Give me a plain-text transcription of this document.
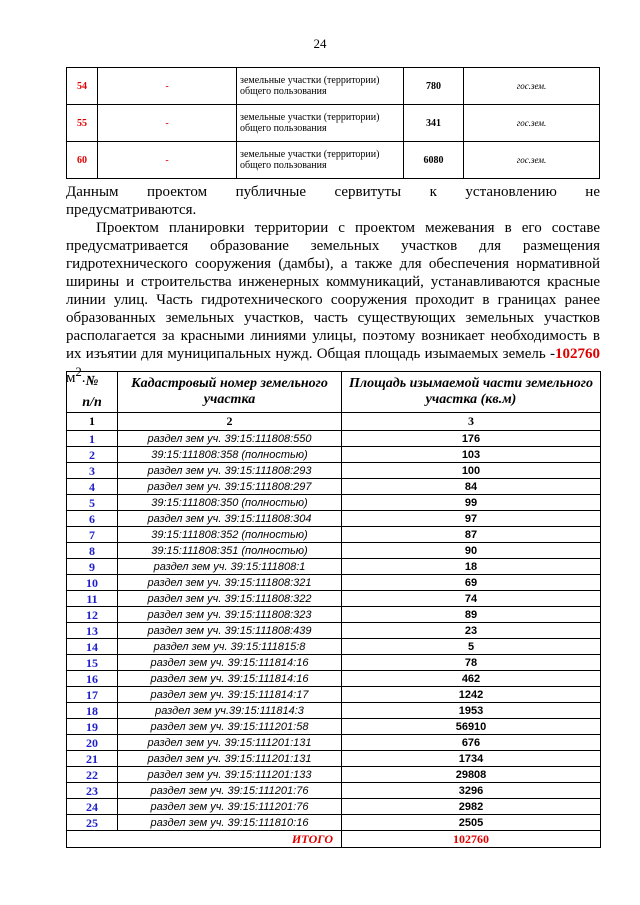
24
54	-	земельные участки (территории) общего пользования	780	гос.зем.
55	-	земельные участки (территории) общего пользования	341	гос.зем.
60	-	земельные участки (территории) общего пользования	6080	гос.зем.
Данным проектом публичные сервитуты к установлению не
предусматриваются.
Проектом планировки территории с проектом межевания в его составе предусматривается образование земельных участков для размещения гидротехнического сооружения (дамбы), а также для обеспечения нормативной ширины и строительства инженерных коммуникаций, устанавливаются красные линии улиц. Часть гидротехнического сооружения проходит в границах ранее образованных земельных участков, часть существующих земельных участков располагается за красными линиями улицы, поэтому возникает необходимость в их изъятии для муниципальных нужд. Общая площадь изымаемых земель -102760 $м^2$. №
п/п	Кадастровый номер земельного участка	Площадь изымаемой части земельного участка (кв.м)
1	2	3
1	раздел зем уч. 39:15:111808:550	176
2	39:15:111808:358 (полностью)	103
3	раздел зем уч. 39:15:111808:293	100
4	раздел зем уч. 39:15:111808:297	84
5	39:15:111808:350 (полностью)	99
6	раздел зем уч. 39:15:111808:304	97
7	39:15:111808:352 (полностью)	87
8	39:15:111808:351 (полностью)	90
9	раздел зем уч. 39:15:111808:1	18
10	раздел зем уч. 39:15:111808:321	69
11	раздел зем уч. 39:15:111808:322	74
12	раздел зем уч. 39:15:111808:323	89
13	раздел зем уч. 39:15:111808:439	23
14	раздел зем уч. 39:15:111815:8	5
15	раздел зем уч. 39:15:111814:16	78
16	раздел зем уч. 39:15:111814:16	462
17	раздел зем уч. 39:15:111814:17	1242
18	раздел зем уч.39:15:111814:3	1953
19	раздел зем уч. 39:15:111201:58	56910
20	раздел зем уч. 39:15:111201:131	676
21	раздел зем уч. 39:15:111201:131	1734
22	раздел зем уч. 39:15:111201:133	29808
23	раздел зем уч. 39:15:111201:76	3296
24	раздел зем уч. 39:15:111201:76	2982
25	раздел зем уч. 39:15:111810:16	2505
ИТОГО		102760
